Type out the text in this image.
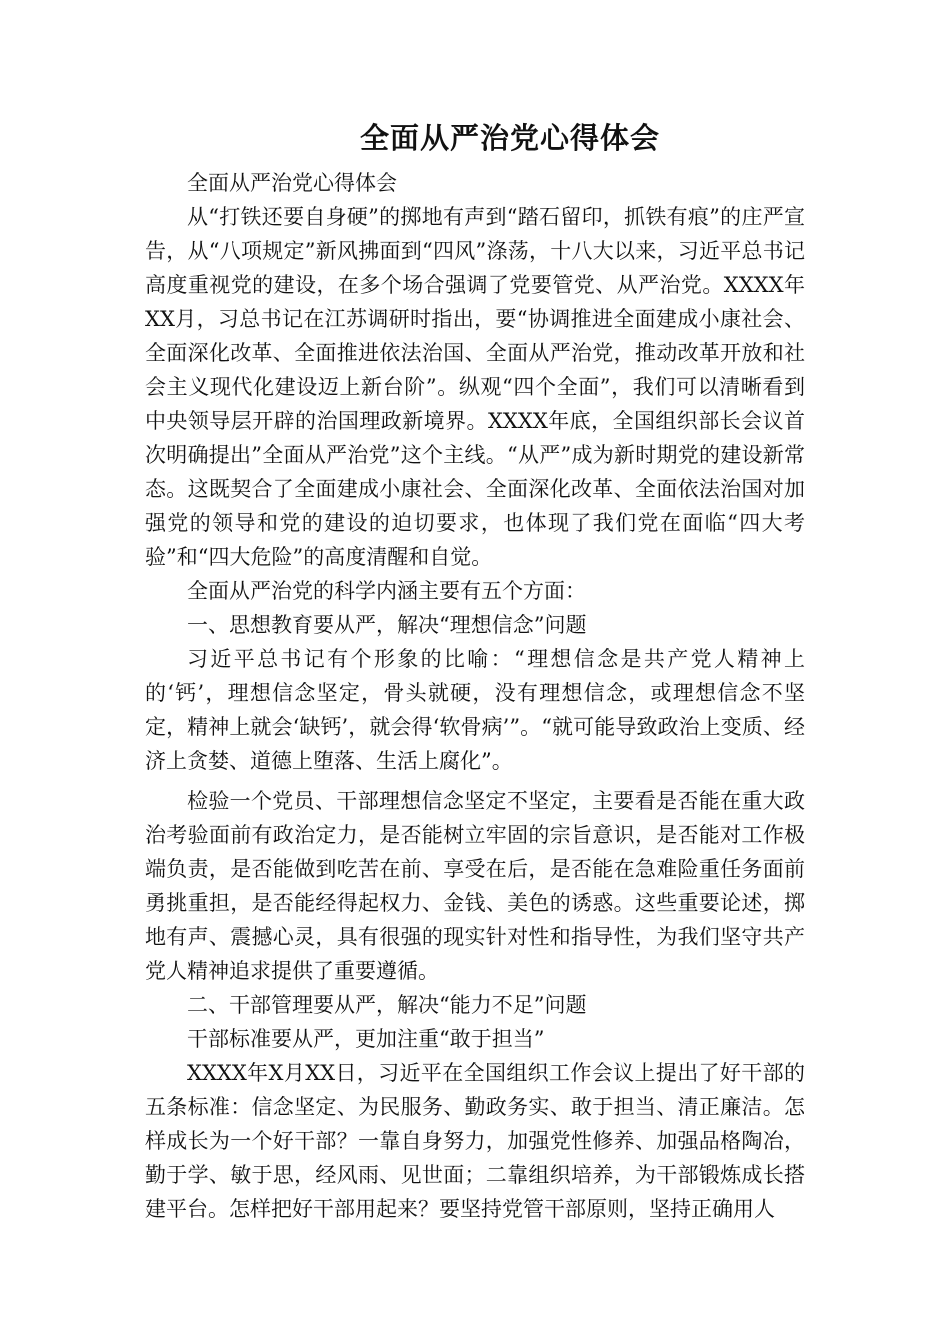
全面从严治党心得体会

全面从严治党心得体会

从“打铁还要自身硬”的掷地有声到“踏石留印，抓铁有痕”的庄严宣告，从“八项规定”新风拂面到“四风”涤荡，十八大以来，习近平总书记高度重视党的建设，在多个场合强调了党要管党、从严治党。XXXX年XX月，习总书记在江苏调研时指出，要“协调推进全面建成小康社会、全面深化改革、全面推进依法治国、全面从严治党，推动改革开放和社会主义现代化建设迈上新台阶”。纵观“四个全面”，我们可以清晰看到中央领导层开辟的治国理政新境界。XXXX年底，全国组织部长会议首次明确提出”全面从严治党”这个主线。“从严”成为新时期党的建设新常态。这既契合了全面建成小康社会、全面深化改革、全面依法治国对加强党的领导和党的建设的迫切要求，也体现了我们党在面临“四大考验”和“四大危险”的高度清醒和自觉。

全面从严治党的科学内涵主要有五个方面：

一、思想教育要从严，解决“理想信念”问题

习近平总书记有个形象的比喻：“理想信念是共产党人精神上的‘钙’，理想信念坚定，骨头就硬，没有理想信念，或理想信念不坚定，精神上就会‘缺钙’，就会得‘软骨病’”。“就可能导致政治上变质、经济上贪婪、道德上堕落、生活上腐化”。

检验一个党员、干部理想信念坚定不坚定，主要看是否能在重大政治考验面前有政治定力，是否能树立牢固的宗旨意识，是否能对工作极端负责，是否能做到吃苦在前、享受在后，是否能在急难险重任务面前勇挑重担，是否能经得起权力、金钱、美色的诱惑。这些重要论述，掷地有声、震撼心灵，具有很强的现实针对性和指导性，为我们坚守共产党人精神追求提供了重要遵循。

二、干部管理要从严，解决“能力不足”问题

干部标准要从严，更加注重“敢于担当”

XXXX年X月XX日，习近平在全国组织工作会议上提出了好干部的五条标准：信念坚定、为民服务、勤政务实、敢于担当、清正廉洁。怎样成长为一个好干部？一靠自身努力，加强党性修养、加强品格陶冶，勤于学、敏于思，经风雨、见世面；二靠组织培养，为干部锻炼成长搭建平台。怎样把好干部用起来？要坚持党管干部原则，坚持正确用人
